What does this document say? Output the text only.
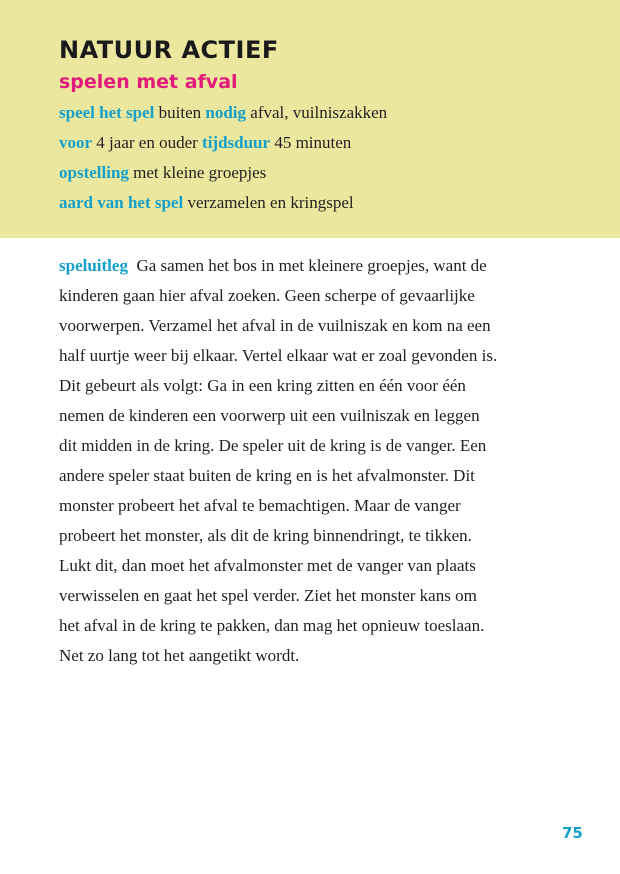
NATUUR ACTIEF
spelen met afval
speel het spel buiten nodig afval, vuilniszakken
voor 4 jaar en ouder tijdsduur 45 minuten
opstelling met kleine groepjes
aard van het spel verzamelen en kringspel
speluitleg  Ga samen het bos in met kleinere groepjes, want de
kinderen gaan hier afval zoeken. Geen scherpe of gevaarlijke
voorwerpen. Verzamel het afval in de vuilniszak en kom na een
half uurtje weer bij elkaar. Vertel elkaar wat er zoal gevonden is.
Dit gebeurt als volgt: Ga in een kring zitten en één voor één
nemen de kinderen een voorwerp uit een vuilniszak en leggen
dit midden in de kring. De speler uit de kring is de vanger. Een
andere speler staat buiten de kring en is het afvalmonster. Dit
monster probeert het afval te bemachtigen. Maar de vanger
probeert het monster, als dit de kring binnendringt, te tikken.
Lukt dit, dan moet het afvalmonster met de vanger van plaats
verwisselen en gaat het spel verder. Ziet het monster kans om
het afval in de kring te pakken, dan mag het opnieuw toeslaan.
Net zo lang tot het aangetikt wordt.
75
